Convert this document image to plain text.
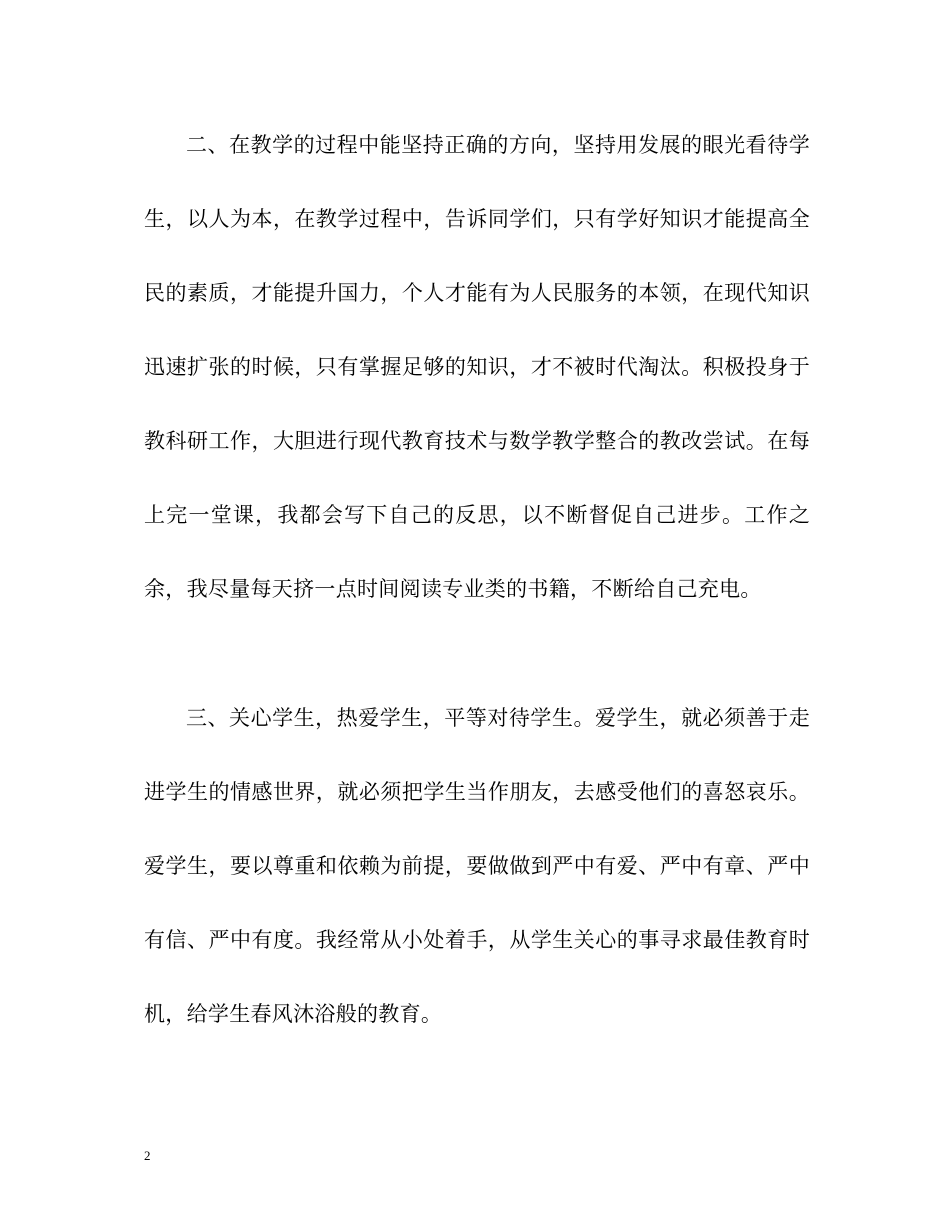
二、在教学的过程中能坚持正确的方向，坚持用发展的眼光看待学生，以人为本，在教学过程中，告诉同学们，只有学好知识才能提高全民的素质，才能提升国力，个人才能有为人民服务的本领，在现代知识迅速扩张的时候，只有掌握足够的知识，才不被时代淘汰。积极投身于教科研工作，大胆进行现代教育技术与数学教学整合的教改尝试。在每上完一堂课，我都会写下自己的反思，以不断督促自己进步。工作之余，我尽量每天挤一点时间阅读专业类的书籍，不断给自己充电。

三、关心学生，热爱学生，平等对待学生。爱学生，就必须善于走进学生的情感世界，就必须把学生当作朋友，去感受他们的喜怒哀乐。爱学生，要以尊重和依赖为前提，要做做到严中有爱、严中有章、严中有信、严中有度。我经常从小处着手，从学生关心的事寻求最佳教育时机，给学生春风沐浴般的教育。

2
